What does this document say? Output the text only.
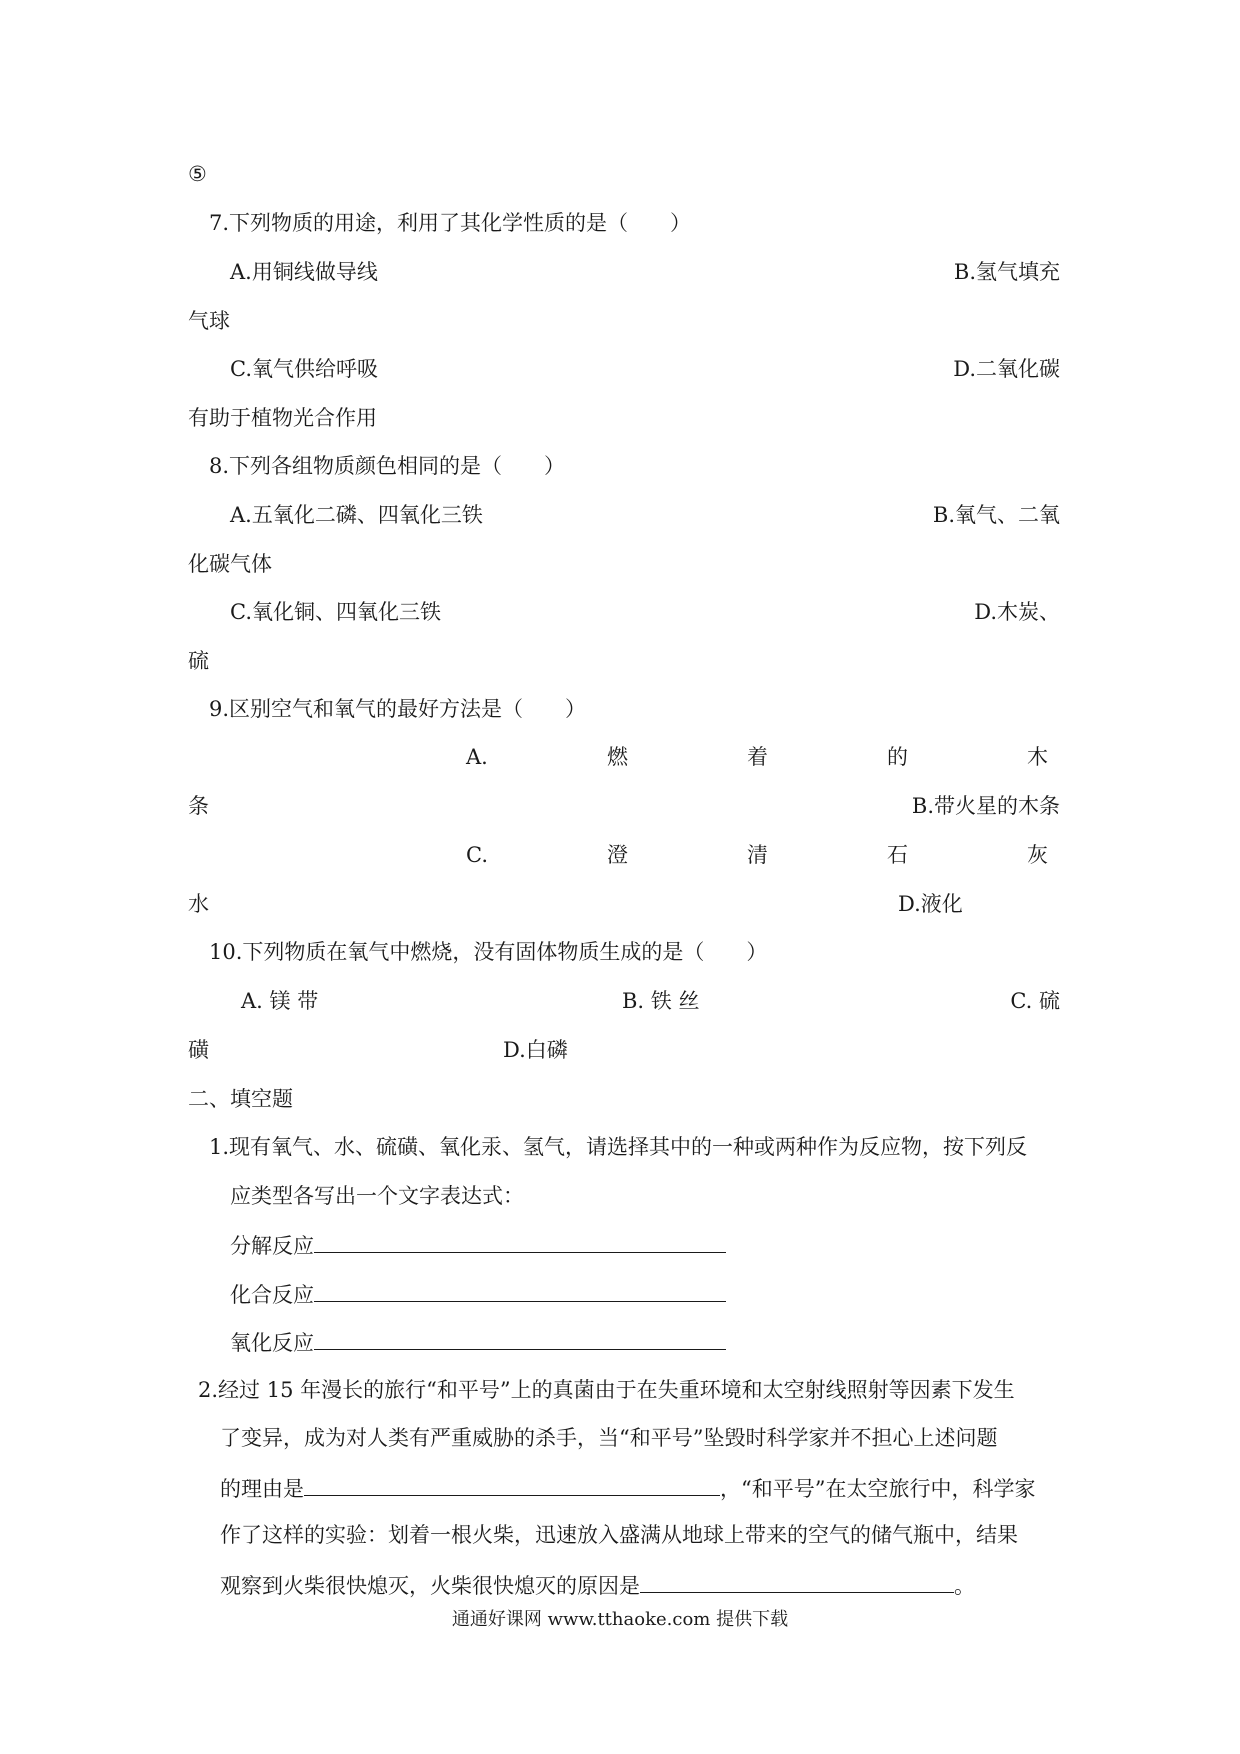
⑤
7.下列物质的用途，利用了其化学性质的是（　　）
A.用铜线做导线	B.氢气填充
气球
C.氧气供给呼吸	D.二氧化碳
有助于植物光合作用
8.下列各组物质颜色相同的是（　　）
A.五氧化二磷、四氧化三铁	B.氧气、二氧
化碳气体
C.氧化铜、四氧化三铁	D.木炭、
硫
9.区别空气和氧气的最好方法是（　　）
A.	燃	着	的	木
条	B.带火星的木条
C.	澄	清	石	灰
水	D.液化
10.下列物质在氧气中燃烧，没有固体物质生成的是（　　）
A. 镁 带	B. 铁 丝	C. 硫
磺	D.白磷
二、填空题
1.现有氧气、水、硫磺、氧化汞、氢气，请选择其中的一种或两种作为反应物，按下列反
应类型各写出一个文字表达式：
分解反应
化合反应
氧化反应
2.经过 15 年漫长的旅行“和平号”上的真菌由于在失重环境和太空射线照射等因素下发生
了变异，成为对人类有严重威胁的杀手，当“和平号”坠毁时科学家并不担心上述问题
的理由是	，“和平号”在太空旅行中，科学家
作了这样的实验：划着一根火柴，迅速放入盛满从地球上带来的空气的储气瓶中，结果
观察到火柴很快熄灭，火柴很快熄灭的原因是	。
通通好课网 www.tthaoke.com 提供下载
